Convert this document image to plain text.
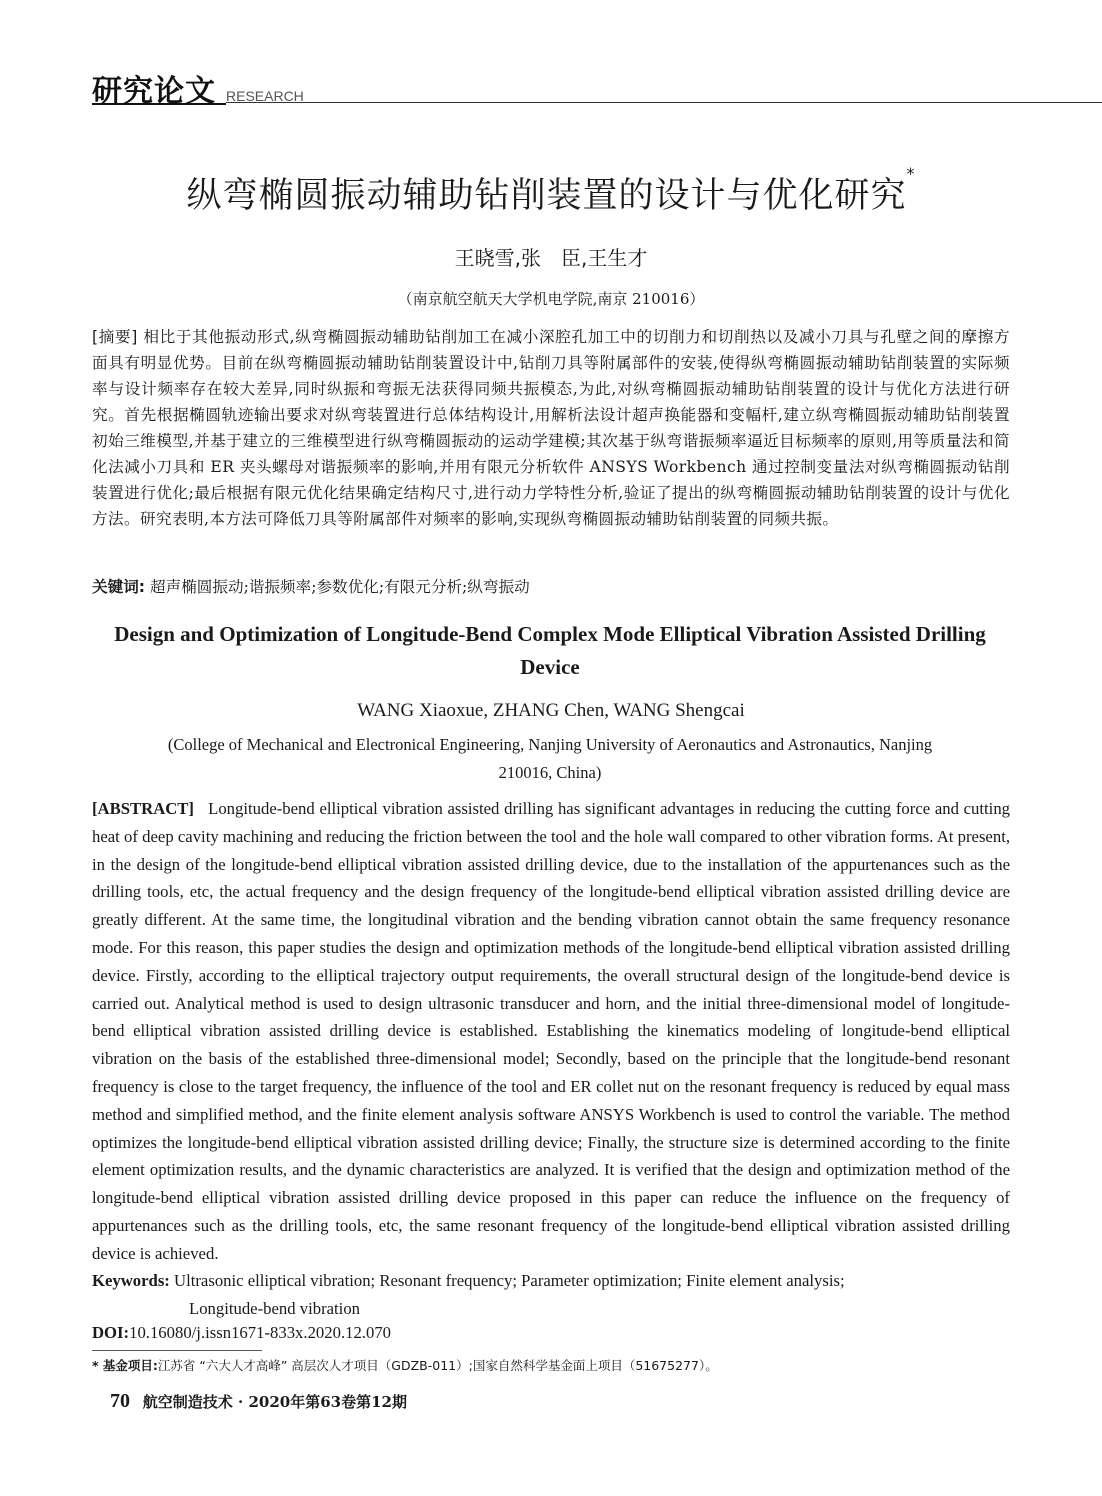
研究论文 RESEARCH
纵弯椭圆振动辅助钻削装置的设计与优化研究*
王晓雪,张　臣,王生才
（南京航空航天大学机电学院,南京 210016）
[摘要] 相比于其他振动形式,纵弯椭圆振动辅助钻削加工在减小深腔孔加工中的切削力和切削热以及减小刀具与孔壁之间的摩擦方面具有明显优势。目前在纵弯椭圆振动辅助钻削装置设计中,钻削刀具等附属部件的安装,使得纵弯椭圆振动辅助钻削装置的实际频率与设计频率存在较大差异,同时纵振和弯振无法获得同频共振模态,为此,对纵弯椭圆振动辅助钻削装置的设计与优化方法进行研究。首先根据椭圆轨迹输出要求对纵弯装置进行总体结构设计,用解析法设计超声换能器和变幅杆,建立纵弯椭圆振动辅助钻削装置初始三维模型,并基于建立的三维模型进行纵弯椭圆振动的运动学建模;其次基于纵弯谐振频率逼近目标频率的原则,用等质量法和简化法减小刀具和 ER 夹头螺母对谐振频率的影响,并用有限元分析软件 ANSYS Workbench 通过控制变量法对纵弯椭圆振动钻削装置进行优化;最后根据有限元优化结果确定结构尺寸,进行动力学特性分析,验证了提出的纵弯椭圆振动辅助钻削装置的设计与优化方法。研究表明,本方法可降低刀具等附属部件对频率的影响,实现纵弯椭圆振动辅助钻削装置的同频共振。
关键词: 超声椭圆振动;谐振频率;参数优化;有限元分析;纵弯振动
Design and Optimization of Longitude-Bend Complex Mode Elliptical Vibration Assisted Drilling Device
WANG Xiaoxue, ZHANG Chen, WANG Shengcai
(College of Mechanical and Electronical Engineering, Nanjing University of Aeronautics and Astronautics, Nanjing 210016, China)
[ABSTRACT] Longitude-bend elliptical vibration assisted drilling has significant advantages in reducing the cutting force and cutting heat of deep cavity machining and reducing the friction between the tool and the hole wall compared to other vibration forms. At present, in the design of the longitude-bend elliptical vibration assisted drilling device, due to the installation of the appurtenances such as the drilling tools, etc, the actual frequency and the design frequency of the longitude-bend elliptical vibration assisted drilling device are greatly different. At the same time, the longitudinal vibration and the bending vibration cannot obtain the same frequency resonance mode. For this reason, this paper studies the design and optimization methods of the longitude-bend elliptical vibration assisted drilling device. Firstly, according to the elliptical trajectory output requirements, the overall structural design of the longitude-bend device is carried out. Analytical method is used to design ultrasonic transducer and horn, and the initial three-dimensional model of longitude-bend elliptical vibration assisted drilling device is established. Establishing the kinematics modeling of longitude-bend elliptical vibration on the basis of the established three-dimensional model; Secondly, based on the principle that the longitude-bend resonant frequency is close to the target frequency, the influence of the tool and ER collet nut on the resonant frequency is reduced by equal mass method and simplified method, and the finite element analysis software ANSYS Workbench is used to control the variable. The method optimizes the longitude-bend elliptical vibration assisted drilling device; Finally, the structure size is determined according to the finite element optimization results, and the dynamic characteristics are analyzed. It is verified that the design and optimization method of the longitude-bend elliptical vibration assisted drilling device proposed in this paper can reduce the influence on the frequency of appurtenances such as the drilling tools, etc, the same resonant frequency of the longitude-bend elliptical vibration assisted drilling device is achieved.
Keywords: Ultrasonic elliptical vibration; Resonant frequency; Parameter optimization; Finite element analysis;
Longitude-bend vibration
DOI:10.16080/j.issn1671-833x.2020.12.070
* 基金项目:江苏省 “六大人才高峰” 高层次人才项目（GDZB-011）;国家自然科学基金面上项目（51675277）。
70 航空制造技术 · 2020年第63卷第12期
